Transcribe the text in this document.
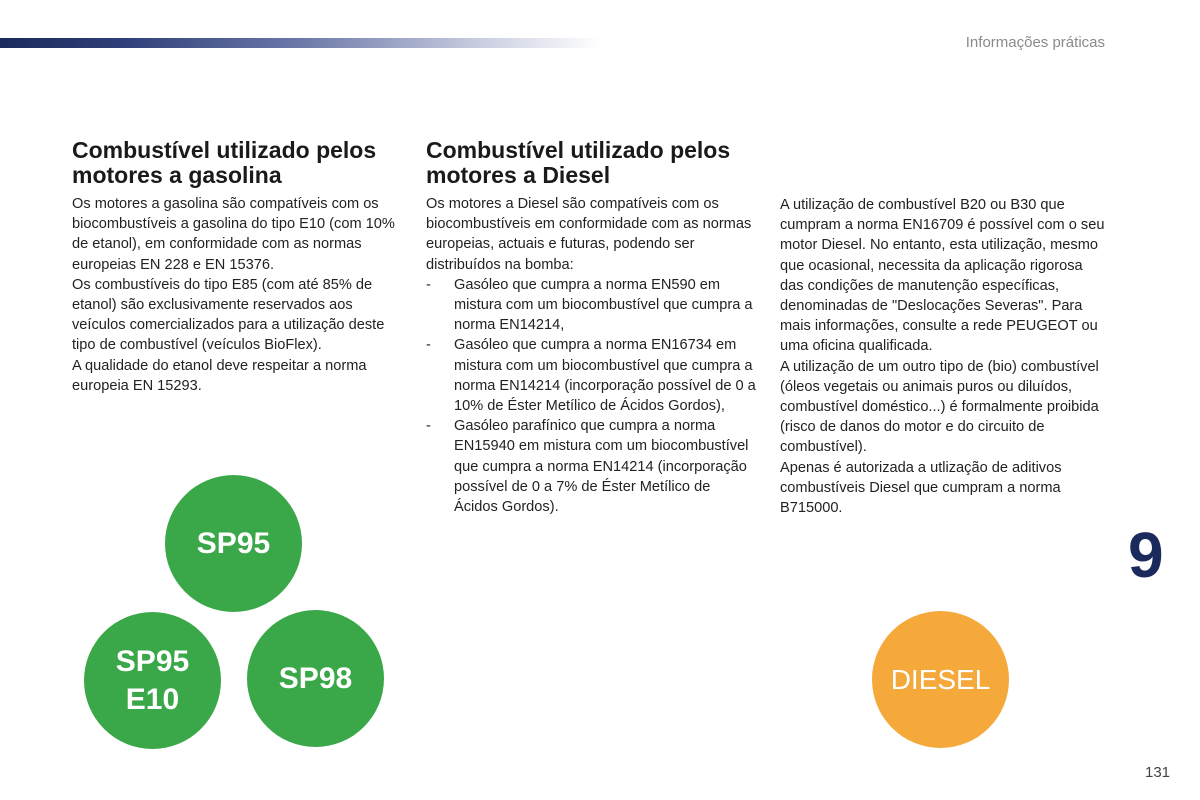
Informações práticas
Combustível utilizado pelos motores a gasolina

Os motores a gasolina são compatíveis com os biocombustíveis a gasolina do tipo E10 (com 10% de etanol), em conformidade com as normas europeias EN 228 e EN 15376.

Os combustíveis do tipo E85 (com até 85% de etanol) são exclusivamente reservados aos veículos comercializados para a utilização deste tipo de combustível (veículos BioFlex).

A qualidade do etanol deve respeitar a norma europeia EN 15293.

Combustível utilizado pelos motores a Diesel

Os motores a Diesel são compatíveis com os biocombustíveis em conformidade com as normas europeias, actuais e futuras, podendo ser distribuídos na bomba:

- Gasóleo que cumpra a norma EN590 em mistura com um biocombustível que cumpra a norma EN14214,
- Gasóleo que cumpra a norma EN16734 em mistura com um biocombustível que cumpra a norma EN14214 (incorporação possível de 0 a 10% de Éster Metílico de Ácidos Gordos),
- Gasóleo parafínico que cumpra a norma EN15940 em mistura com um biocombustível que cumpra a norma EN14214 (incorporação possível de 0 a 7% de Éster Metílico de Ácidos Gordos).

A utilização de combustível B20 ou B30 que cumpram a norma EN16709 é possível com o seu motor Diesel. No entanto, esta utilização, mesmo que ocasional, necessita da aplicação rigorosa das condições de manutenção específicas, denominadas de "Deslocações Severas". Para mais informações, consulte a rede PEUGEOT ou uma oficina qualificada.

A utilização de um outro tipo de (bio) combustível (óleos vegetais ou animais puros ou diluídos, combustível doméstico...) é formalmente proibida (risco de danos do motor e do circuito de combustível).

Apenas é autorizada a utlização de aditivos combustíveis Diesel que cumpram a norma B715000.

SP95
SP95
E10
SP98	DIESEL
9
131
